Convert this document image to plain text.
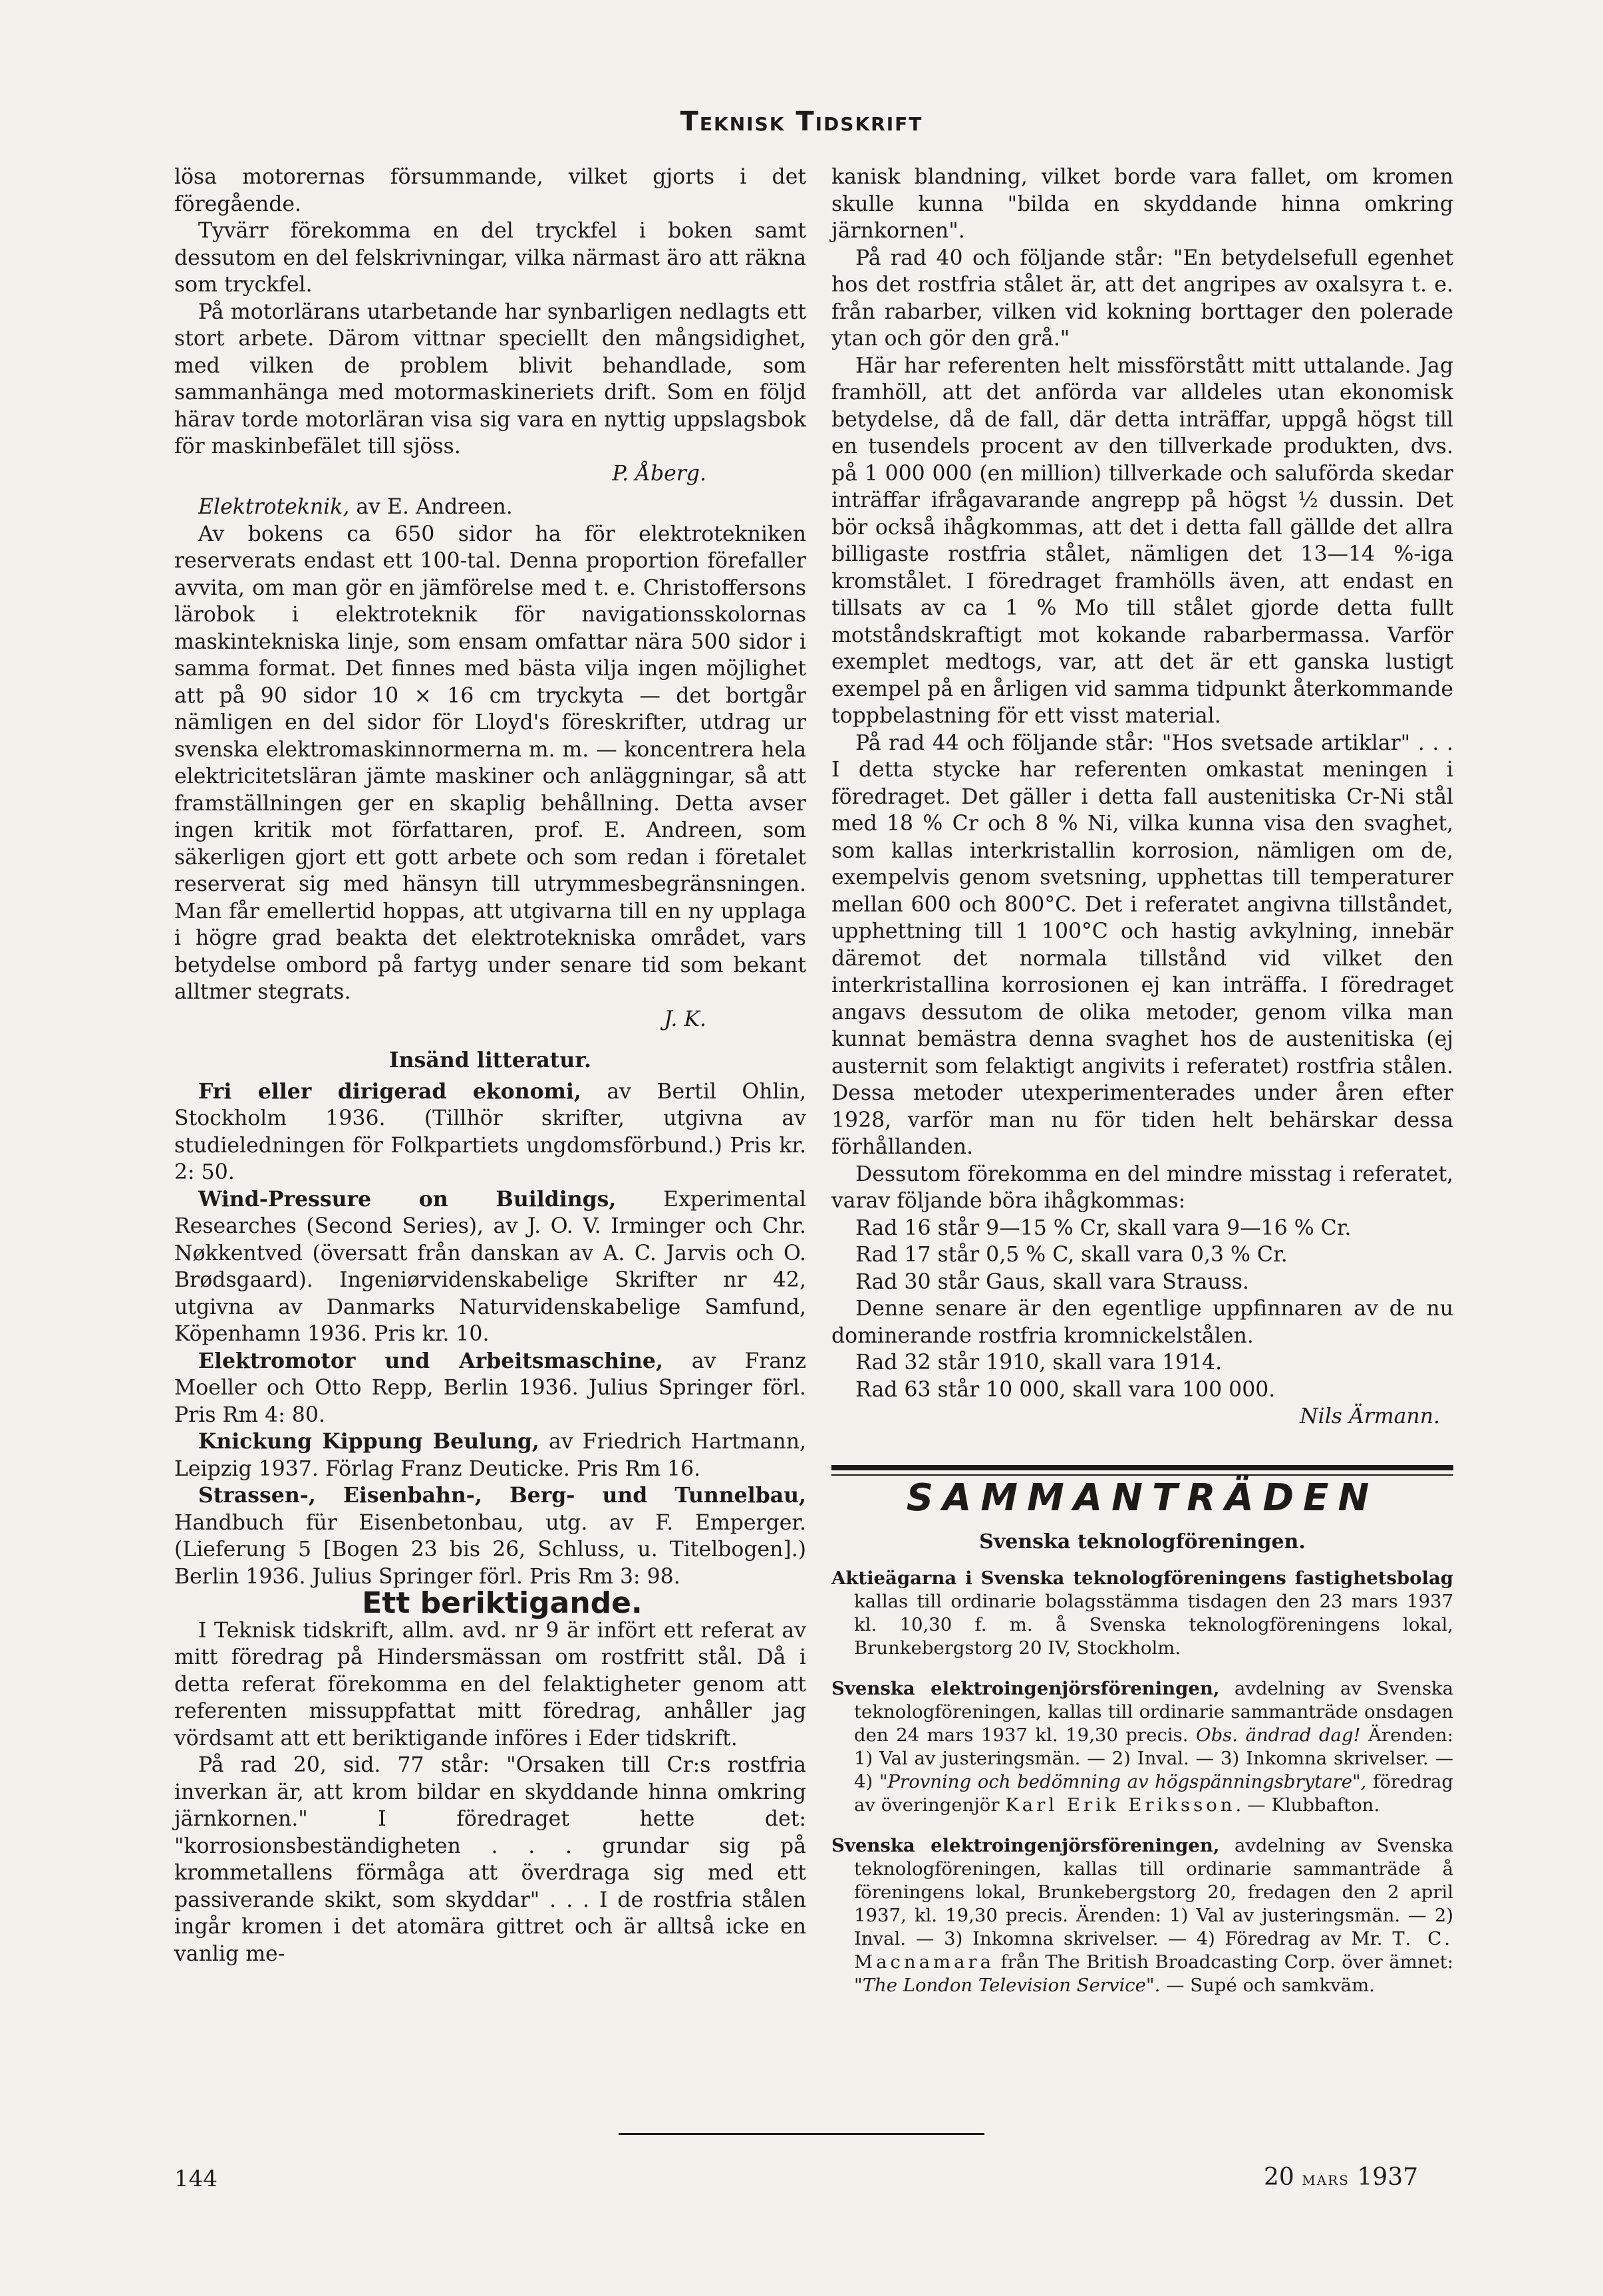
Teknisk Tidskrift

lösa motorernas försummande, vilket gjorts i det föregående.

Tyvärr förekomma en del tryckfel i boken samt dessutom en del felskrivningar, vilka närmast äro att räkna som tryckfel.

På motorlärans utarbetande har synbarligen nedlagts ett stort arbete. Därom vittnar speciellt den mångsidighet, med vilken de problem blivit behandlade, som sammanhänga med motormaskineriets drift. Som en följd härav torde motorläran visa sig vara en nyttig uppslagsbok för maskinbefälet till sjöss.

P. Åberg.

Elektroteknik, av E. Andreen.

Av bokens ca 650 sidor ha för elektrotekniken reserverats endast ett 100-tal. Denna proportion förefaller avvita, om man gör en jämförelse med t. e. Christoffersons lärobok i elektroteknik för navigationsskolornas maskintekniska linje, som ensam omfattar nära 500 sidor i samma format. Det finnes med bästa vilja ingen möjlighet att på 90 sidor 10 × 16 cm tryckyta — det bortgår nämligen en del sidor för Lloyd's föreskrifter, utdrag ur svenska elektromaskinnormerna m. m. — koncentrera hela elektricitetsläran jämte maskiner och anläggningar, så att framställningen ger en skaplig behållning. Detta avser ingen kritik mot författaren, prof. E. Andreen, som säkerligen gjort ett gott arbete och som redan i företalet reserverat sig med hänsyn till utrymmesbegränsningen. Man får emellertid hoppas, att utgivarna till en ny upplaga i högre grad beakta det elektrotekniska området, vars betydelse ombord på fartyg under senare tid som bekant alltmer stegrats.

J. K.

Insänd litteratur.

Fri eller dirigerad ekonomi, av Bertil Ohlin, Stockholm 1936. (Tillhör skrifter, utgivna av studieledningen för Folkpartiets ungdomsförbund.) Pris kr. 2: 50.

Wind-Pressure on Buildings, Experimental Researches (Second Series), av J. O. V. Irminger och Chr. Nøkkentved (översatt från danskan av A. C. Jarvis och O. Brødsgaard). Ingeniørvidenskabelige Skrifter nr 42, utgivna av Danmarks Naturvidenskabelige Samfund, Köpenhamn 1936. Pris kr. 10.

Elektromotor und Arbeitsmaschine, av Franz Moeller och Otto Repp, Berlin 1936. Julius Springer förl. Pris Rm 4: 80.

Knickung Kippung Beulung, av Friedrich Hartmann, Leipzig 1937. Förlag Franz Deuticke. Pris Rm 16.

Strassen-, Eisenbahn-, Berg- und Tunnelbau, Handbuch für Eisenbetonbau, utg. av F. Emperger. (Lieferung 5 [Bogen 23 bis 26, Schluss, u. Titelbogen].) Berlin 1936. Julius Springer förl. Pris Rm 3: 98.

Ett beriktigande.

I Teknisk tidskrift, allm. avd. nr 9 är infört ett referat av mitt föredrag på Hindersmässan om rostfritt stål. Då i detta referat förekomma en del felaktigheter genom att referenten missuppfattat mitt föredrag, anhåller jag vördsamt att ett beriktigande införes i Eder tidskrift.

På rad 20, sid. 77 står: "Orsaken till Cr:s rostfria inverkan är, att krom bildar en skyddande hinna omkring järnkornen." I föredraget hette det: "korrosionsbeständigheten . . . grundar sig på krommetallens förmåga att överdraga sig med ett passiverande skikt, som skyddar" . . . I de rostfria stålen ingår kromen i det atomära gittret och är alltså icke en vanlig me-

kanisk blandning, vilket borde vara fallet, om kromen skulle kunna "bilda en skyddande hinna omkring järnkornen".

På rad 40 och följande står: "En betydelsefull egenhet hos det rostfria stålet är, att det angripes av oxalsyra t. e. från rabarber, vilken vid kokning borttager den polerade ytan och gör den grå."

Här har referenten helt missförstått mitt uttalande. Jag framhöll, att det anförda var alldeles utan ekonomisk betydelse, då de fall, där detta inträffar, uppgå högst till en tusendels procent av den tillverkade produkten, dvs. på 1 000 000 (en million) tillverkade och saluförda skedar inträffar ifrågavarande angrepp på högst ½ dussin. Det bör också ihågkommas, att det i detta fall gällde det allra billigaste rostfria stålet, nämligen det 13—14 %-iga kromstålet. I föredraget framhölls även, att endast en tillsats av ca 1 % Mo till stålet gjorde detta fullt motståndskraftigt mot kokande rabarbermassa. Varför exemplet medtogs, var, att det är ett ganska lustigt exempel på en årligen vid samma tidpunkt återkommande toppbelastning för ett visst material.

På rad 44 och följande står: "Hos svetsade artiklar" . . . I detta stycke har referenten omkastat meningen i föredraget. Det gäller i detta fall austenitiska Cr-Ni stål med 18 % Cr och 8 % Ni, vilka kunna visa den svaghet, som kallas interkristallin korrosion, nämligen om de, exempelvis genom svetsning, upphettas till temperaturer mellan 600 och 800°C. Det i referatet angivna tillståndet, upphettning till 1 100°C och hastig avkylning, innebär däremot det normala tillstånd vid vilket den interkristallina korrosionen ej kan inträffa. I föredraget angavs dessutom de olika metoder, genom vilka man kunnat bemästra denna svaghet hos de austenitiska (ej austernit som felaktigt angivits i referatet) rostfria stålen. Dessa metoder utexperimenterades under åren efter 1928, varför man nu för tiden helt behärskar dessa förhållanden.

Dessutom förekomma en del mindre misstag i referatet, varav följande böra ihågkommas:

Rad 16 står 9—15 % Cr, skall vara 9—16 % Cr.

Rad 17 står 0,5 % C, skall vara 0,3 % Cr.

Rad 30 står Gaus, skall vara Strauss.

Denne senare är den egentlige uppfinnaren av de nu dominerande rostfria kromnickelstålen.

Rad 32 står 1910, skall vara 1914.

Rad 63 står 10 000, skall vara 100 000.

Nils Ärmann.

SAMMANTRÄDEN

Svenska teknologföreningen.

Aktieägarna i Svenska teknologföreningens fastighetsbolag kallas till ordinarie bolagsstämma tisdagen den 23 mars 1937 kl. 10,30 f. m. å Svenska teknologföreningens lokal, Brunkebergstorg 20 IV, Stockholm.

Svenska elektroingenjörsföreningen, avdelning av Svenska teknologföreningen, kallas till ordinarie sammanträde onsdagen den 24 mars 1937 kl. 19,30 precis. Obs. ändrad dag! Ärenden: 1) Val av justeringsmän. — 2) Inval. — 3) Inkomna skrivelser. — 4) "Provning och bedömning av högspänningsbrytare", föredrag av överingenjör Karl Erik Eriksson. — Klubbafton.

Svenska elektroingenjörsföreningen, avdelning av Svenska teknologföreningen, kallas till ordinarie sammanträde å föreningens lokal, Brunkebergstorg 20, fredagen den 2 april 1937, kl. 19,30 precis. Ärenden: 1) Val av justeringsmän. — 2) Inval. — 3) Inkomna skrivelser. — 4) Föredrag av Mr. T. C. Macnamara från The British Broadcasting Corp. över ämnet: "The London Television Service". — Supé och samkväm.

144	20 mars 1937
